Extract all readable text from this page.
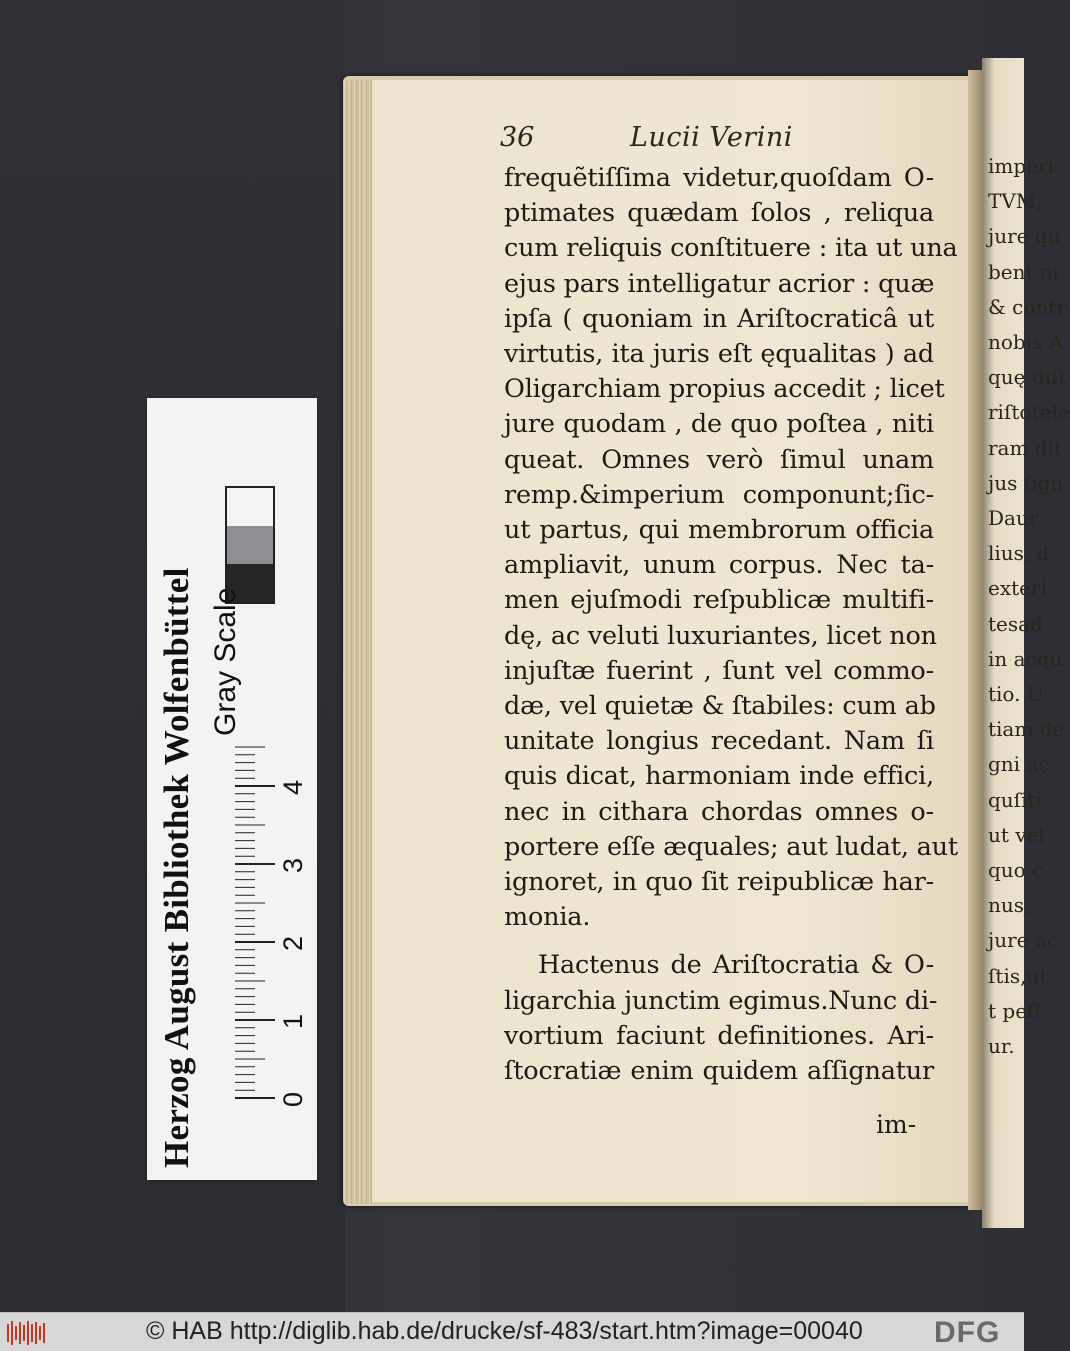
imperi
TVM,
jure qu
bent m
& contr
nobis A
quę diſt
riſtotele
ram dit
jus ſign
Daur
lius, d
exteri
tesad
in acqu
tio. U
tiam de
gni ac
quſiti
ut vel
quo c
nus,
jure ac
ſtis,ut
t peſſ
ur.
36	Lucii Verini
frequẽtiſſima videtur,quoſdam O-
ptimates quædam ſolos , reliqua
cum reliquis conſtituere : ita ut una
ejus pars intelligatur acrior : quæ
ipſa ( quoniam in Ariſtocraticâ ut
virtutis, ita juris eſt ęqualitas ) ad
Oligarchiam propius accedit ; licet
jure quodam , de quo poſtea , niti
queat. Omnes verò ſimul unam
remp.&imperium componunt;ſic-
ut partus, qui membrorum officia
ampliavit, unum corpus. Nec ta-
men ejuſmodi reſpublicæ multifi-
dę, ac veluti luxuriantes, licet non
injuſtæ fuerint , ſunt vel commo-
dæ, vel quietæ & ſtabiles: cum ab
unitate longius recedant. Nam ſi
quis dicat, harmoniam inde effici,
nec in cithara chordas omnes o-
portere eſſe æquales; aut ludat, aut
ignoret, in quo ſit reipublicæ har-
monia.
Hactenus de Ariſtocratia & O-
ligarchia junctim egimus.Nunc di-
vortium faciunt definitiones. Ari-
ſtocratiæ enim quidem aſſignatur
im-
0
1
2
3
4
Herzog August Bibliothek Wolfenbüttel Gray Scale
© HAB http://diglib.hab.de/drucke/sf-483/start.htm?image=00040 DFG
